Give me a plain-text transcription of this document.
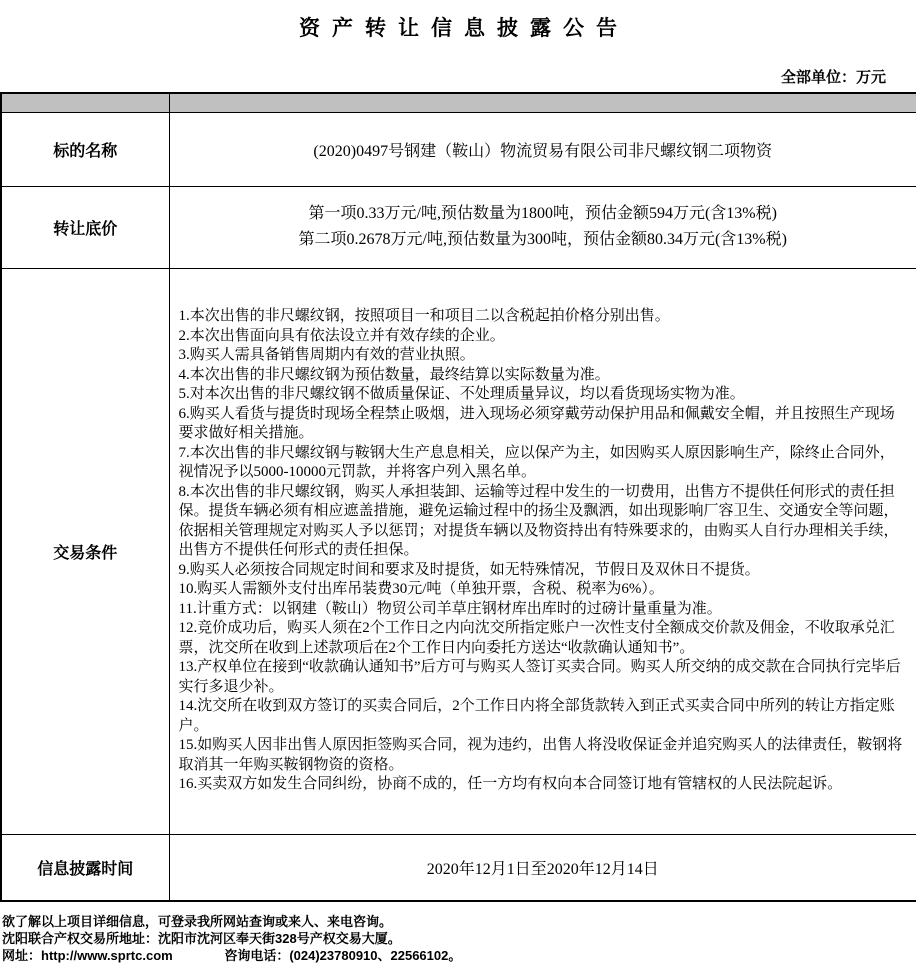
资产转让信息披露公告
全部单位：万元

标的名称	(2020)0497号钢建（鞍山）物流贸易有限公司非尺螺纹钢二项物资
转让底价	第一项0.33万元/吨,预估数量为1800吨，预估金额594万元(含13%税)
第二项0.2678万元/吨,预估数量为300吨，预估金额80.34万元(含13%税)

交易条件	
1.本次出售的非尺螺纹钢，按照项目一和项目二以含税起拍价格分别出售。
2.本次出售面向具有依法设立并有效存续的企业。
3.购买人需具备销售周期内有效的营业执照。
4.本次出售的非尺螺纹钢为预估数量，最终结算以实际数量为准。
5.对本次出售的非尺螺纹钢不做质量保证、不处理质量异议，均以看货现场实物为准。
6.购买人看货与提货时现场全程禁止吸烟，进入现场必须穿戴劳动保护用品和佩戴安全帽，并且按照生产现场要求做好相关措施。
7.本次出售的非尺螺纹钢与鞍钢大生产息息相关，应以保产为主，如因购买人原因影响生产，除终止合同外，视情况予以5000-10000元罚款，并将客户列入黑名单。
8.本次出售的非尺螺纹钢，购买人承担装卸、运输等过程中发生的一切费用，出售方不提供任何形式的责任担保。提货车辆必须有相应遮盖措施，避免运输过程中的扬尘及飘洒，如出现影响厂容卫生、交通安全等问题，依据相关管理规定对购买人予以惩罚；对提货车辆以及物资持出有特殊要求的，由购买人自行办理相关手续，出售方不提供任何形式的责任担保。
9.购买人必须按合同规定时间和要求及时提货，如无特殊情况，节假日及双休日不提货。
10.购买人需额外支付出库吊装费30元/吨（单独开票，含税、税率为6%）。
11.计重方式：以钢建（鞍山）物贸公司羊草庄钢材库出库时的过磅计量重量为准。
12.竞价成功后，购买人须在2个工作日之内向沈交所指定账户一次性支付全额成交价款及佣金，不收取承兑汇票，沈交所在收到上述款项后在2个工作日内向委托方送达“收款确认通知书”。
13.产权单位在接到“收款确认通知书”后方可与购买人签订买卖合同。购买人所交纳的成交款在合同执行完毕后实行多退少补。
14.沈交所在收到双方签订的买卖合同后，2个工作日内将全部货款转入到正式买卖合同中所列的转让方指定账户。
15.如购买人因非出售人原因拒签购买合同，视为违约，出售人将没收保证金并追究购买人的法律责任，鞍钢将取消其一年购买鞍钢物资的资格。
16.买卖双方如发生合同纠纷，协商不成的，任一方均有权向本合同签订地有管辖权的人民法院起诉。

信息披露时间	2020年12月1日至2020年12月14日
欲了解以上项目详细信息，可登录我所网站查询或来人、来电咨询。
沈阳联合产权交易所地址：沈阳市沈河区奉天街328号产权交易大厦。
网址：http://www.sprtc.com	咨询电话：(024)23780910、22566102。
